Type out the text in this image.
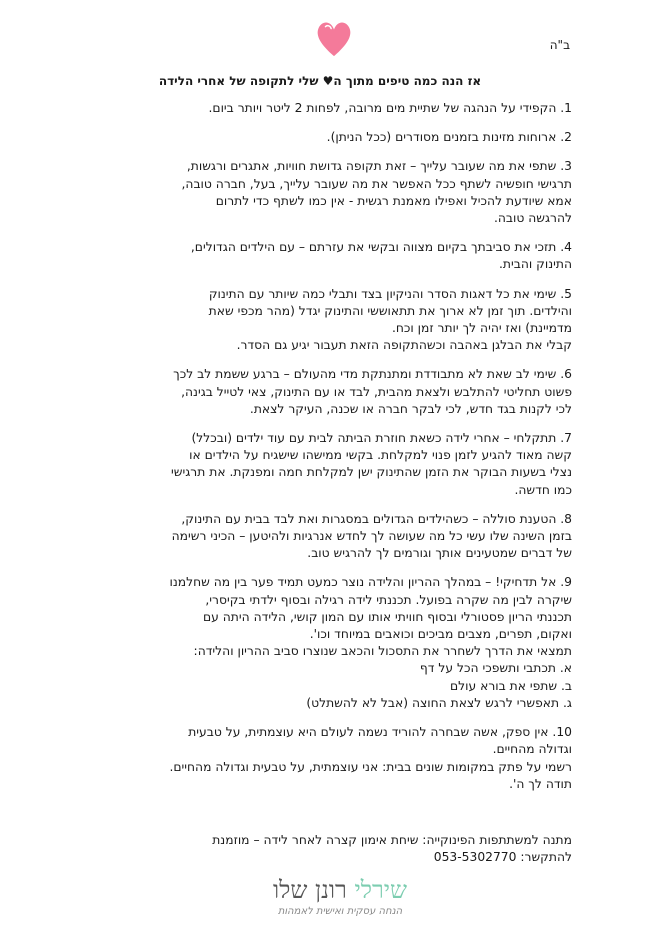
ב"ה
אז הנה כמה טיפים מתוך ה♥ שלי לתקופה של אחרי הלידה
1. הקפידי על הנהגה של שתיית מים מרובה, לפחות 2 ליטר ויותר ביום.
2. ארוחות מזינות בזמנים מסודרים (ככל הניתן).
3. שתפי את מה שעובר עלייך – זאת תקופה גדושת חוויות, אתגרים ורגשות,
תרגישי חופשיה לשתף ככל האפשר את מה שעובר עלייך, בעל, חברה טובה,
אמא שיודעת להכיל ואפילו מאמנת רגשית - אין כמו לשתף כדי לתרום
להרגשה טובה.
4. תזכי את סביבתך בקיום מצווה ובקשי את עזרתם – עם הילדים הגדולים,
התינוק והבית.
5. שימי את כל דאגות הסדר והניקיון בצד ותבלי כמה שיותר עם התינוק
והילדים. תוך זמן לא ארוך את תתאוששי והתינוק יגדל (מהר מכפי שאת
מדמיינת) ואז יהיה לך יותר זמן וכח.
קבלי את הבלגן באהבה וכשהתקופה הזאת תעבור יגיע גם הסדר.
6. שימי לב שאת לא מתבודדת ומתנתקת מדי מהעולם – ברגע ששמת לב לכך
פשוט תחליטי להתלבש ולצאת מהבית, לבד או עם התינוק, צאי לטייל בגינה,
לכי לקנות בגד חדש, לכי לבקר חברה או שכנה, העיקר לצאת.
7. תתקלחי – אחרי לידה כשאת חוזרת הביתה לבית עם עוד ילדים (ובכלל)
קשה מאוד להגיע לזמן פנוי למקלחת. בקשי ממישהו שישגיח על הילדים או
נצלי בשעות הבוקר את הזמן שהתינוק ישן למקלחת חמה ומפנקת. את תרגישי
כמו חדשה.
8. הטענת סוללה – כשהילדים הגדולים במסגרות ואת לבד בבית עם התינוק,
בזמן השינה שלו עשי כל מה שעושה לך לחדש אנרגיות ולהיטען – הכיני רשימה
של דברים שמטעינים אותך וגורמים לך להרגיש טוב.
9. אל תדחיקי! – במהלך ההריון והלידה נוצר כמעט תמיד פער בין מה שחלמנו
שיקרה לבין מה שקרה בפועל. תכננתי לידה רגילה ובסוף ילדתי בקיסרי,
תכננתי הריון פסטורלי ובסוף חוויתי אותו עם המון קושי, הלידה היתה עם
ואקום, תפרים, מצבים מביכים וכואבים במיוחד וכו'.
תמצאי את הדרך לשחרר את התסכול והכאב שנוצרו סביב ההריון והלידה:
א. תכתבי ותשפכי הכל על דף
ב. שתפי את בורא עולם
ג. תאפשרי לרגש לצאת החוצה (אבל לא להשתלט)
10. אין ספק, אשה שבחרה להוריד נשמה לעולם היא עוצמתית, על טבעית
וגדולה מהחיים.
רשמי על פתק במקומות שונים בבית: אני עוצמתית, על טבעית וגדולה מהחיים.
תודה לך ה'.
מתנה למשתתפות הפינוקייה: שיחת אימון קצרה לאחר לידה – מוזמנת
להתקשר: 053-5302770
שירלי רונן שלו
הנחה עסקית ואישית לאמהות
